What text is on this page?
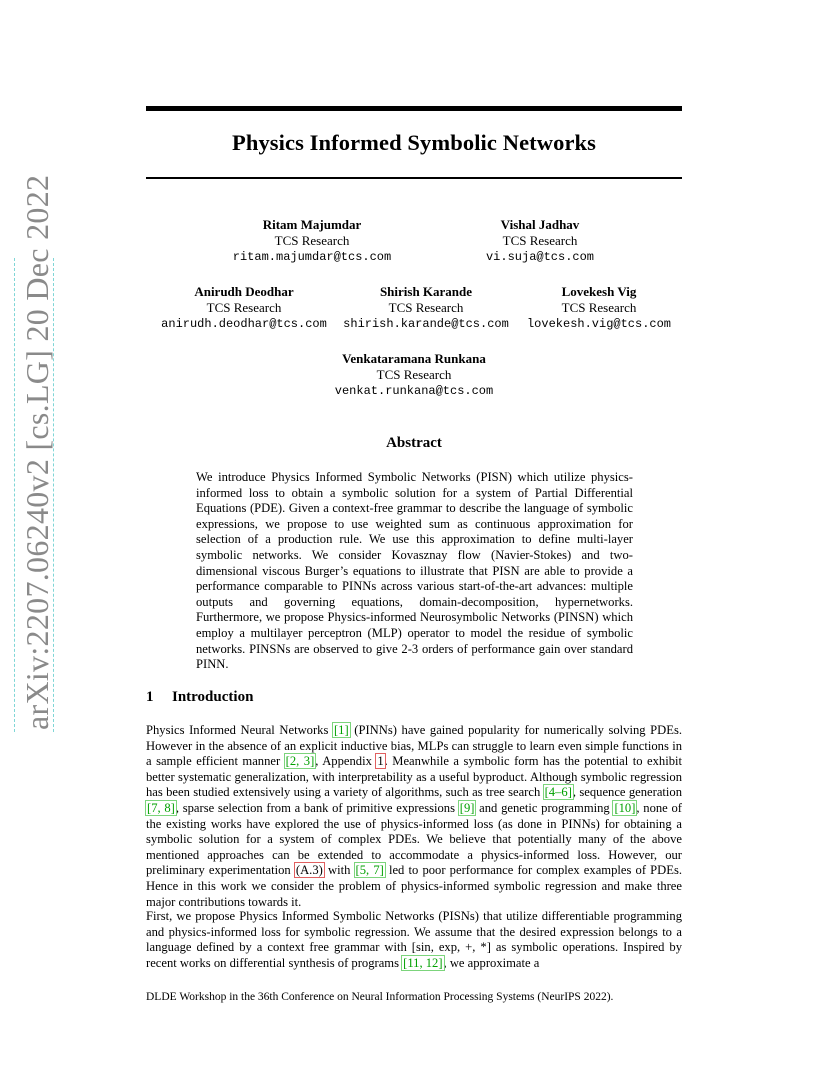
arXiv:2207.06240v2 [cs.LG] 20 Dec 2022
Physics Informed Symbolic Networks
Ritam Majumdar
TCS Research
ritam.majumdar@tcs.com
Vishal Jadhav
TCS Research
vi.suja@tcs.com
Anirudh Deodhar
TCS Research
anirudh.deodhar@tcs.com
Shirish Karande
TCS Research
shirish.karande@tcs.com
Lovekesh Vig
TCS Research
lovekesh.vig@tcs.com
Venkataramana Runkana
TCS Research
venkat.runkana@tcs.com
Abstract
We introduce Physics Informed Symbolic Networks (PISN) which utilize physics-informed loss to obtain a symbolic solution for a system of Partial Differential Equations (PDE). Given a context-free grammar to describe the language of symbolic expressions, we propose to use weighted sum as continuous approximation for selection of a production rule. We use this approximation to define multi-layer symbolic networks. We consider Kovasznay flow (Navier-Stokes) and two-dimensional viscous Burger’s equations to illustrate that PISN are able to provide a performance comparable to PINNs across various start-of-the-art advances: multiple outputs and governing equations, domain-decomposition, hypernetworks. Furthermore, we propose Physics-informed Neurosymbolic Networks (PINSN) which employ a multilayer perceptron (MLP) operator to model the residue of symbolic networks. PINSNs are observed to give 2-3 orders of performance gain over standard PINN.
1 Introduction
Physics Informed Neural Networks [1] (PINNs) have gained popularity for numerically solving PDEs. However in the absence of an explicit inductive bias, MLPs can struggle to learn even simple functions in a sample efficient manner [2, 3], Appendix 1. Meanwhile a symbolic form has the potential to exhibit better systematic generalization, with interpretability as a useful byproduct. Although symbolic regression has been studied extensively using a variety of algorithms, such as tree search [4–6], sequence generation [7, 8], sparse selection from a bank of primitive expressions [9] and genetic programming [10], none of the existing works have explored the use of physics-informed loss (as done in PINNs) for obtaining a symbolic solution for a system of complex PDEs. We believe that potentially many of the above mentioned approaches can be extended to accommodate a physics-informed loss. However, our preliminary experimentation (A.3) with [5, 7] led to poor performance for complex examples of PDEs. Hence in this work we consider the problem of physics-informed symbolic regression and make three major contributions towards it.
First, we propose Physics Informed Symbolic Networks (PISNs) that utilize differentiable programming and physics-informed loss for symbolic regression. We assume that the desired expression belongs to a language defined by a context free grammar with [sin, exp, +, *] as symbolic operations. Inspired by recent works on differential synthesis of programs [11, 12], we approximate a
DLDE Workshop in the 36th Conference on Neural Information Processing Systems (NeurIPS 2022).
